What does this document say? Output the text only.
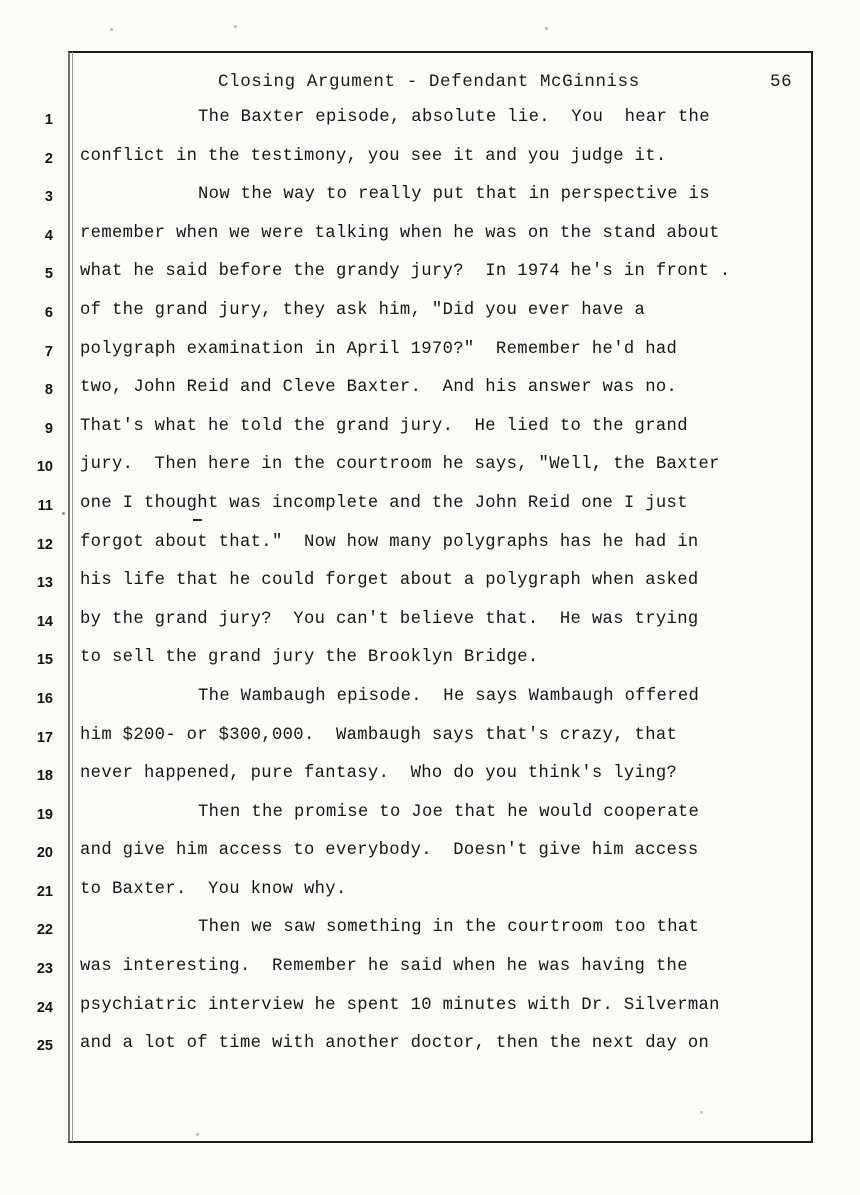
Closing Argument - Defendant McGinniss	56
1	The Baxter episode, absolute lie.  You  hear the
2 conflict in the testimony, you see it and you judge it.
3	Now the way to really put that in perspective is
4 remember when we were talking when he was on the stand about
5 what he said before the grandy jury?  In 1974 he's in front .
6 of the grand jury, they ask him, "Did you ever have a
7 polygraph examination in April 1970?"  Remember he'd had
8 two, John Reid and Cleve Baxter.  And his answer was no.
9 That's what he told the grand jury.  He lied to the grand
10 jury.  Then here in the courtroom he says, "Well, the Baxter
11 one I thought was incomplete and the John Reid one I just
12 forgot about that."  Now how many polygraphs has he had in
13 his life that he could forget about a polygraph when asked
14 by the grand jury?  You can't believe that.  He was trying
15 to sell the grand jury the Brooklyn Bridge.
16	The Wambaugh episode.  He says Wambaugh offered
17 him $200- or $300,000.  Wambaugh says that's crazy, that
18 never happened, pure fantasy.  Who do you think's lying?
19	Then the promise to Joe that he would cooperate
20 and give him access to everybody.  Doesn't give him access
21 to Baxter.  You know why.
22	Then we saw something in the courtroom too that
23 was interesting.  Remember he said when he was having the
24 psychiatric interview he spent 10 minutes with Dr. Silverman
25 and a lot of time with another doctor, then the next day on
